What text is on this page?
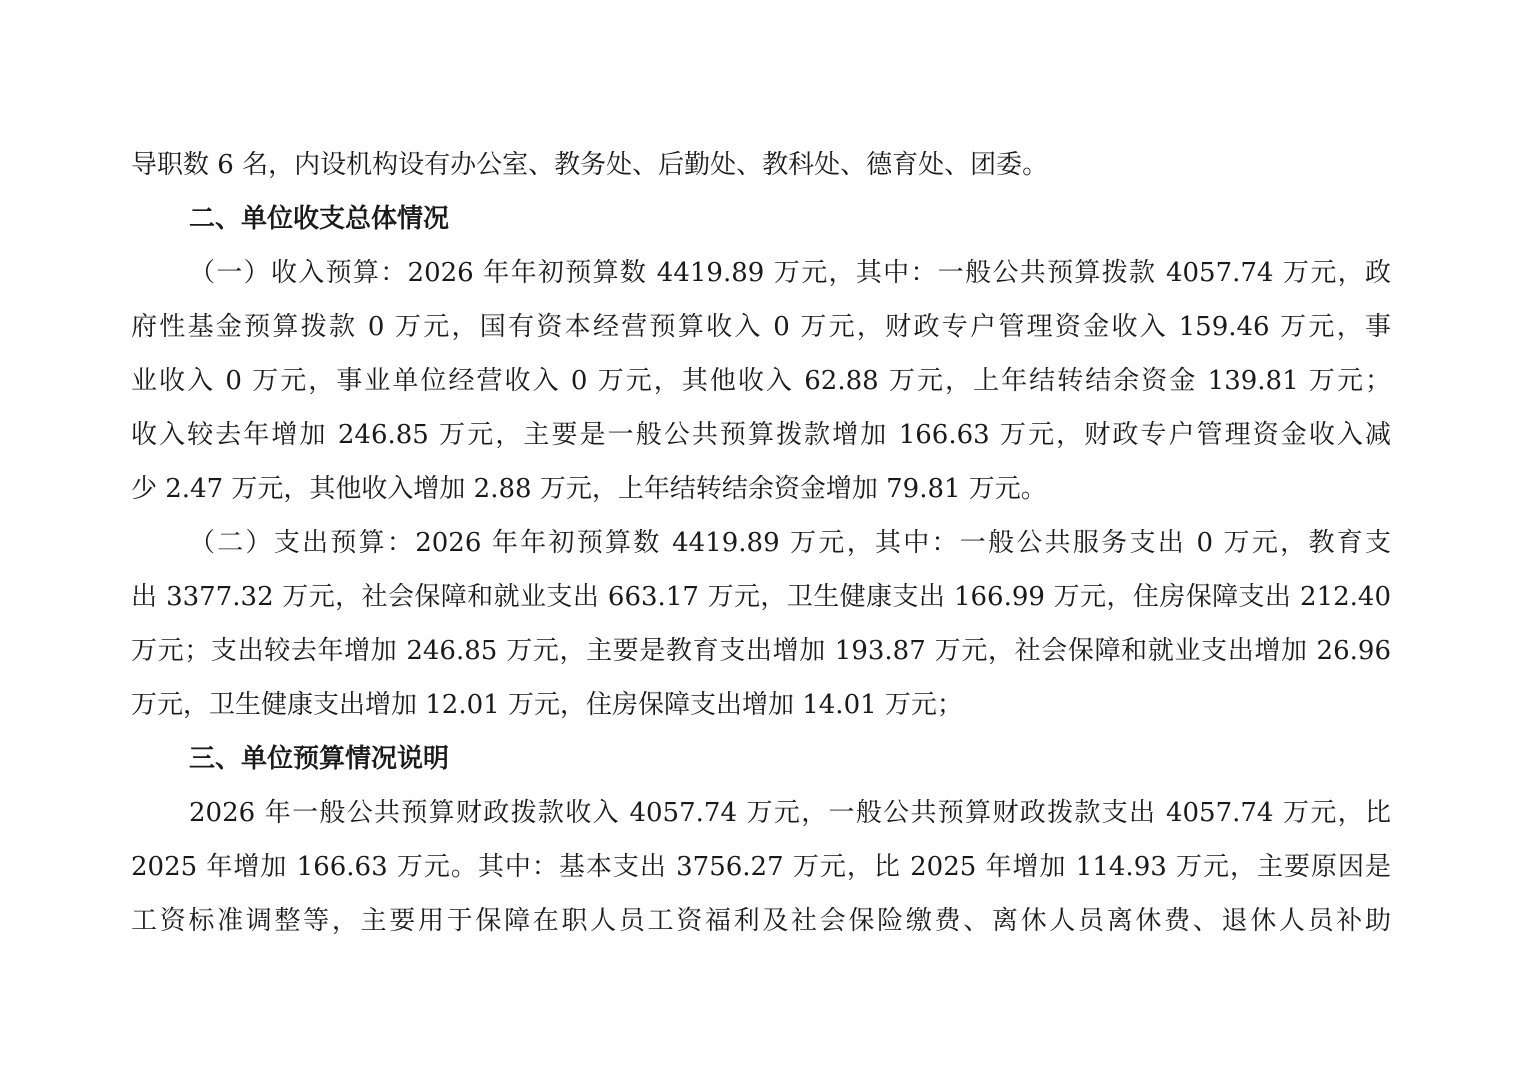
导职数 6 名，内设机构设有办公室、教务处、后勤处、教科处、德育处、团委。
二、单位收支总体情况
（一）收入预算：2026 年年初预算数 4419.89 万元，其中：一般公共预算拨款 4057.74 万元，政
府性基金预算拨款 0 万元，国有资本经营预算收入 0 万元，财政专户管理资金收入 159.46 万元，事
业收入 0 万元，事业单位经营收入 0 万元，其他收入 62.88 万元，上年结转结余资金 139.81 万元；
收入较去年增加 246.85 万元，主要是一般公共预算拨款增加 166.63 万元，财政专户管理资金收入减
少 2.47 万元，其他收入增加 2.88 万元，上年结转结余资金增加 79.81 万元。
（二）支出预算：2026 年年初预算数 4419.89 万元，其中：一般公共服务支出 0 万元，教育支
出 3377.32 万元，社会保障和就业支出 663.17 万元，卫生健康支出 166.99 万元，住房保障支出 212.40
万元；支出较去年增加 246.85 万元，主要是教育支出增加 193.87 万元，社会保障和就业支出增加 26.96
万元，卫生健康支出增加 12.01 万元，住房保障支出增加 14.01 万元；
三、单位预算情况说明
2026 年一般公共预算财政拨款收入 4057.74 万元，一般公共预算财政拨款支出 4057.74 万元，比
2025 年增加 166.63 万元。其中：基本支出 3756.27 万元，比 2025 年增加 114.93 万元，主要原因是
工资标准调整等，主要用于保障在职人员工资福利及社会保险缴费、离休人员离休费、退休人员补助
